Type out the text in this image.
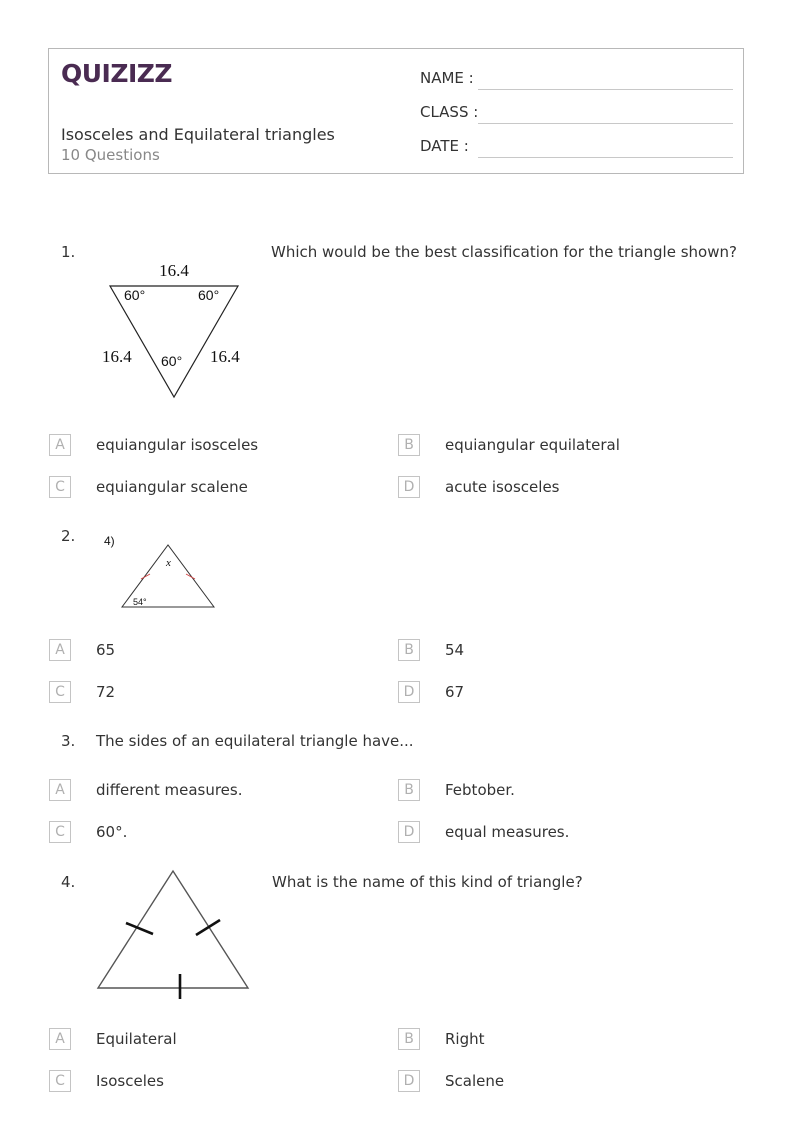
QUIZIZZ
Isosceles and Equilateral triangles
10 Questions
NAME :
CLASS :
DATE :
1.
16.4
16.4	16.4
60°	60°
60°
Which would be the best classification for the triangle shown?
A	equiangular isosceles	B	equiangular equilateral
C	equiangular scalene	D	acute isosceles
2. 4)
x
54°
A	65	B	54
C	72	D	67
3. The sides of an equilateral triangle have...
A	different measures.	B	Febtober.
C	60°.	D	equal measures.
4.	What is the name of this kind of triangle?
A	Equilateral	B	Right
C	Isosceles	D	Scalene
